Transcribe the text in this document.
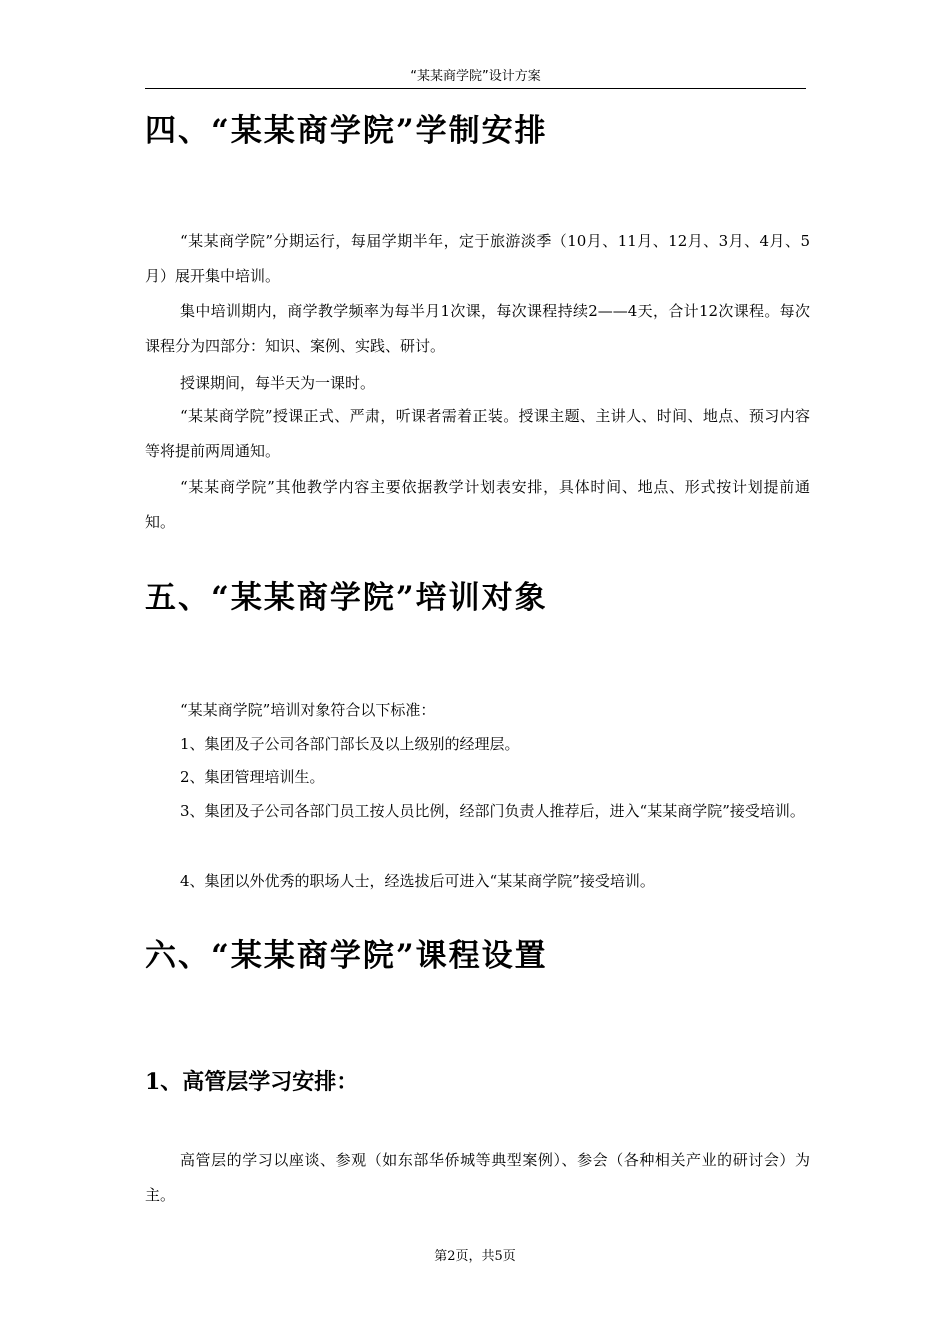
“某某商学院”设计方案
四、“某某商学院”学制安排

“某某商学院”分期运行，每届学期半年，定于旅游淡季（10月、11月、12月、3月、4月、5月）展开集中培训。

集中培训期内，商学教学频率为每半月1次课，每次课程持续2——4天，合计12次课程。每次课程分为四部分：知识、案例、实践、研讨。

授课期间，每半天为一课时。

“某某商学院”授课正式、严肃，听课者需着正装。授课主题、主讲人、时间、地点、预习内容等将提前两周通知。

“某某商学院”其他教学内容主要依据教学计划表安排，具体时间、地点、形式按计划提前通知。

五、“某某商学院”培训对象

“某某商学院”培训对象符合以下标准：

1、集团及子公司各部门部长及以上级别的经理层。

2、集团管理培训生。

3、集团及子公司各部门员工按人员比例，经部门负责人推荐后，进入“某某商学院”接受培训。

4、集团以外优秀的职场人士，经选拔后可进入“某某商学院”接受培训。

六、“某某商学院”课程设置
1、高管层学习安排：

高管层的学习以座谈、参观（如东部华侨城等典型案例）、参会（各种相关产业的研讨会）为主。

第2页，共5页
